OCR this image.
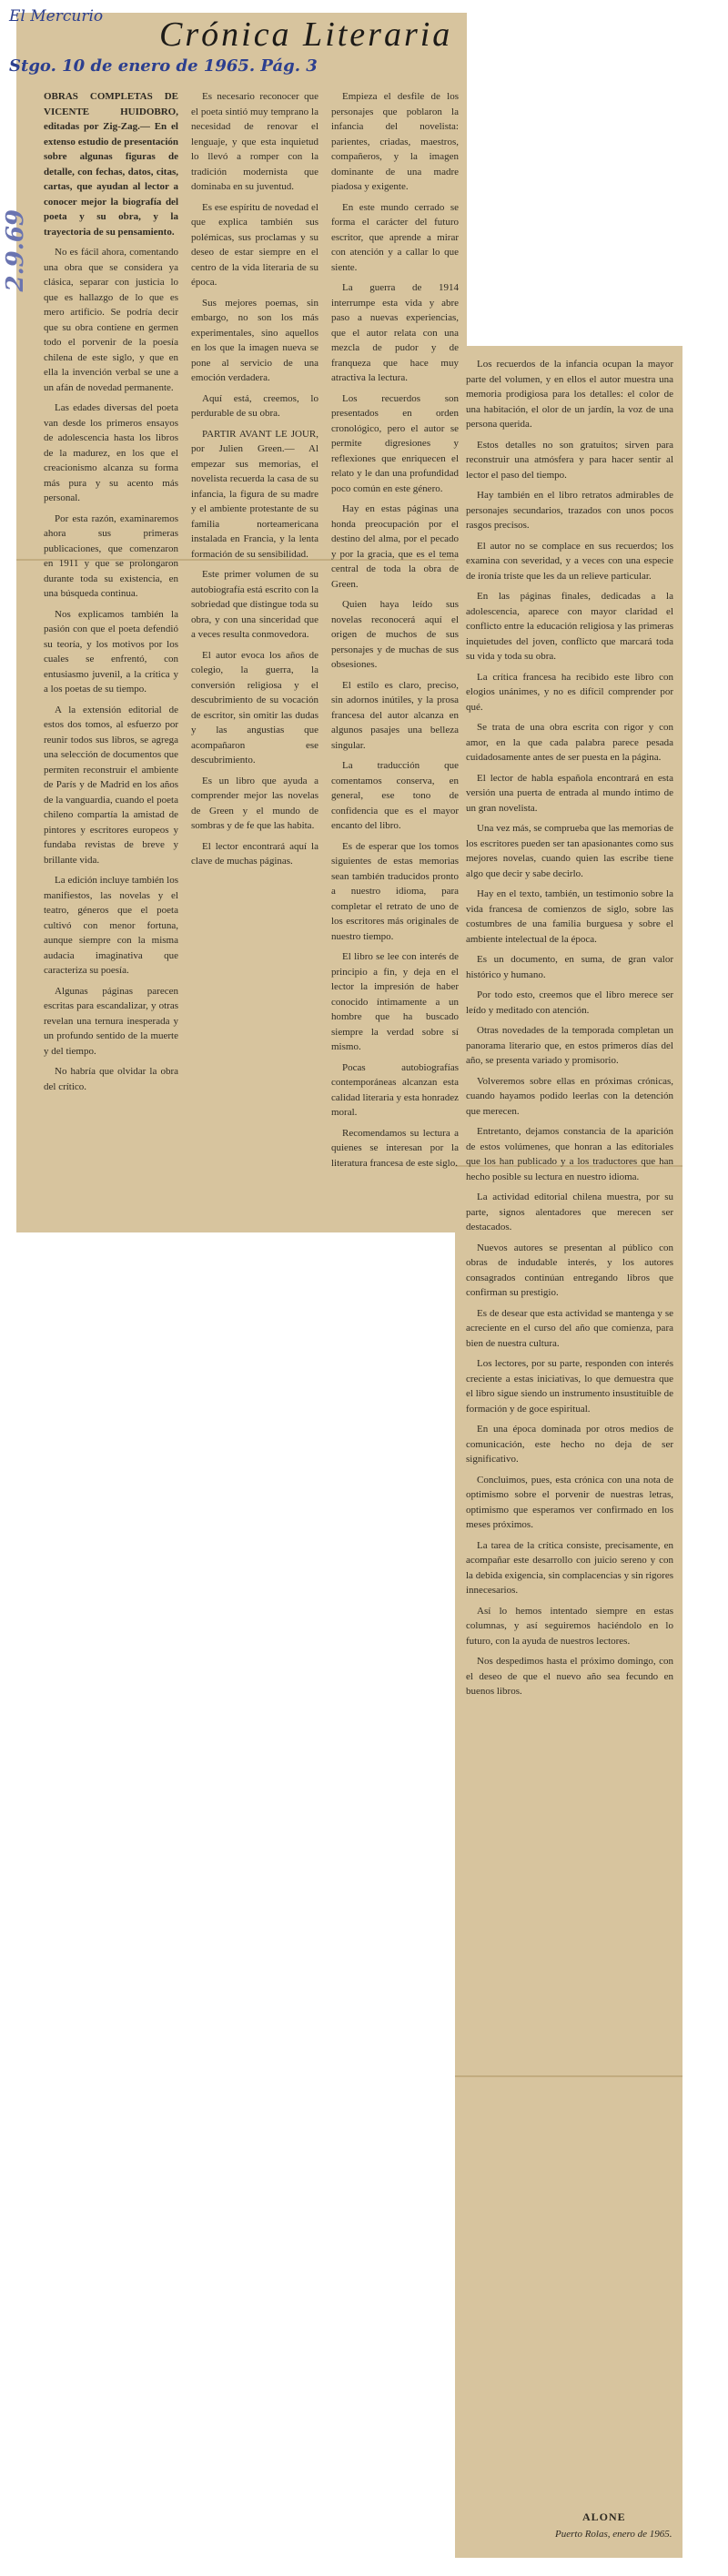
El Mercurio
Stgo. 10 de enero de 1965. Pág. 3
2.9.69
Crónica Literaria

OBRAS COMPLETAS DE VICENTE HUIDOBRO, editadas por Zig-Zag.— En el extenso estudio de presentación sobre algunas figuras de detalle, con fechas, datos, citas, cartas, que ayudan al lector a conocer mejor la biografía del poeta y su obra, y la trayectoria de su pensamiento.

No es fácil ahora, comentando una obra que se considera ya clásica, separar con justicia lo que es hallazgo de lo que es mero artificio. Se podría decir que su obra contiene en germen todo el porvenir de la poesía chilena de este siglo, y que en ella la invención verbal se une a un afán de novedad permanente.

Las edades diversas del poeta van desde los primeros ensayos de adolescencia hasta los libros de la madurez, en los que el creacionismo alcanza su forma más pura y su acento más personal.

Por esta razón, examinaremos ahora sus primeras publicaciones, que comenzaron en 1911 y que se prolongaron durante toda su existencia, en una búsqueda continua.

Nos explicamos también la pasión con que el poeta defendió su teoría, y los motivos por los cuales se enfrentó, con entusiasmo juvenil, a la crítica y a los poetas de su tiempo.

A la extensión editorial de estos dos tomos, al esfuerzo por reunir todos sus libros, se agrega una selección de documentos que permiten reconstruir el ambiente de París y de Madrid en los años de la vanguardia, cuando el poeta chileno compartía la amistad de pintores y escritores europeos y fundaba revistas de breve y brillante vida.

La edición incluye también los manifiestos, las novelas y el teatro, géneros que el poeta cultivó con menor fortuna, aunque siempre con la misma audacia imaginativa que caracteriza su poesía.

Algunas páginas parecen escritas para escandalizar, y otras revelan una ternura inesperada y un profundo sentido de la muerte y del tiempo.

No habría que olvidar la obra del crítico.

Es necesario reconocer que el poeta sintió muy temprano la necesidad de renovar el lenguaje, y que esta inquietud lo llevó a romper con la tradición modernista que dominaba en su juventud.

Es ese espíritu de novedad el que explica también sus polémicas, sus proclamas y su deseo de estar siempre en el centro de la vida literaria de su época.

Sus mejores poemas, sin embargo, no son los más experimentales, sino aquellos en los que la imagen nueva se pone al servicio de una emoción verdadera.

Aquí está, creemos, lo perdurable de su obra.

PARTIR AVANT LE JOUR, por Julien Green.— Al empezar sus memorias, el novelista recuerda la casa de su infancia, la figura de su madre y el ambiente protestante de su familia norteamericana instalada en Francia, y la lenta formación de su sensibilidad.

Este primer volumen de su autobiografía está escrito con la sobriedad que distingue toda su obra, y con una sinceridad que a veces resulta conmovedora.

El autor evoca los años de colegio, la guerra, la conversión religiosa y el descubrimiento de su vocación de escritor, sin omitir las dudas y las angustias que acompañaron ese descubrimiento.

Es un libro que ayuda a comprender mejor las novelas de Green y el mundo de sombras y de fe que las habita.

El lector encontrará aquí la clave de muchas páginas.

Empieza el desfile de los personajes que poblaron la infancia del novelista: parientes, criadas, maestros, compañeros, y la imagen dominante de una madre piadosa y exigente.

En este mundo cerrado se forma el carácter del futuro escritor, que aprende a mirar con atención y a callar lo que siente.

La guerra de 1914 interrumpe esta vida y abre paso a nuevas experiencias, que el autor relata con una mezcla de pudor y de franqueza que hace muy atractiva la lectura.

Los recuerdos son presentados en orden cronológico, pero el autor se permite digresiones y reflexiones que enriquecen el relato y le dan una profundidad poco común en este género.

Hay en estas páginas una honda preocupación por el destino del alma, por el pecado y por la gracia, que es el tema central de toda la obra de Green.

Quien haya leído sus novelas reconocerá aquí el origen de muchos de sus personajes y de muchas de sus obsesiones.

El estilo es claro, preciso, sin adornos inútiles, y la prosa francesa del autor alcanza en algunos pasajes una belleza singular.

La traducción que comentamos conserva, en general, ese tono de confidencia que es el mayor encanto del libro.

Es de esperar que los tomos siguientes de estas memorias sean también traducidos pronto a nuestro idioma, para completar el retrato de uno de los escritores más originales de nuestro tiempo.

El libro se lee con interés de principio a fin, y deja en el lector la impresión de haber conocido íntimamente a un hombre que ha buscado siempre la verdad sobre sí mismo.

Pocas autobiografías contemporáneas alcanzan esta calidad literaria y esta honradez moral.

Recomendamos su lectura a quienes se interesan por la literatura francesa de este siglo.

Los recuerdos de la infancia ocupan la mayor parte del volumen, y en ellos el autor muestra una memoria prodigiosa para los detalles: el color de una habitación, el olor de un jardín, la voz de una persona querida.

Estos detalles no son gratuitos; sirven para reconstruir una atmósfera y para hacer sentir al lector el paso del tiempo.

Hay también en el libro retratos admirables de personajes secundarios, trazados con unos pocos rasgos precisos.

El autor no se complace en sus recuerdos; los examina con severidad, y a veces con una especie de ironía triste que les da un relieve particular.

En las páginas finales, dedicadas a la adolescencia, aparece con mayor claridad el conflicto entre la educación religiosa y las primeras inquietudes del joven, conflicto que marcará toda su vida y toda su obra.

La crítica francesa ha recibido este libro con elogios unánimes, y no es difícil comprender por qué.

Se trata de una obra escrita con rigor y con amor, en la que cada palabra parece pesada cuidadosamente antes de ser puesta en la página.

El lector de habla española encontrará en esta versión una puerta de entrada al mundo íntimo de un gran novelista.

Una vez más, se comprueba que las memorias de los escritores pueden ser tan apasionantes como sus mejores novelas, cuando quien las escribe tiene algo que decir y sabe decirlo.

Hay en el texto, también, un testimonio sobre la vida francesa de comienzos de siglo, sobre las costumbres de una familia burguesa y sobre el ambiente intelectual de la época.

Es un documento, en suma, de gran valor histórico y humano.

Por todo esto, creemos que el libro merece ser leído y meditado con atención.

Otras novedades de la temporada completan un panorama literario que, en estos primeros días del año, se presenta variado y promisorio.

Volveremos sobre ellas en próximas crónicas, cuando hayamos podido leerlas con la detención que merecen.

Entretanto, dejamos constancia de la aparición de estos volúmenes, que honran a las editoriales que los han publicado y a los traductores que han hecho posible su lectura en nuestro idioma.

La actividad editorial chilena muestra, por su parte, signos alentadores que merecen ser destacados.

Nuevos autores se presentan al público con obras de indudable interés, y los autores consagrados continúan entregando libros que confirman su prestigio.

Es de desear que esta actividad se mantenga y se acreciente en el curso del año que comienza, para bien de nuestra cultura.

Los lectores, por su parte, responden con interés creciente a estas iniciativas, lo que demuestra que el libro sigue siendo un instrumento insustituible de formación y de goce espiritual.

En una época dominada por otros medios de comunicación, este hecho no deja de ser significativo.

Concluimos, pues, esta crónica con una nota de optimismo sobre el porvenir de nuestras letras, optimismo que esperamos ver confirmado en los meses próximos.

La tarea de la crítica consiste, precisamente, en acompañar este desarrollo con juicio sereno y con la debida exigencia, sin complacencias y sin rigores innecesarios.

Así lo hemos intentado siempre en estas columnas, y así seguiremos haciéndolo en lo futuro, con la ayuda de nuestros lectores.

Nos despedimos hasta el próximo domingo, con el deseo de que el nuevo año sea fecundo en buenos libros.

ALONE
Puerto Rolas, enero de 1965.
